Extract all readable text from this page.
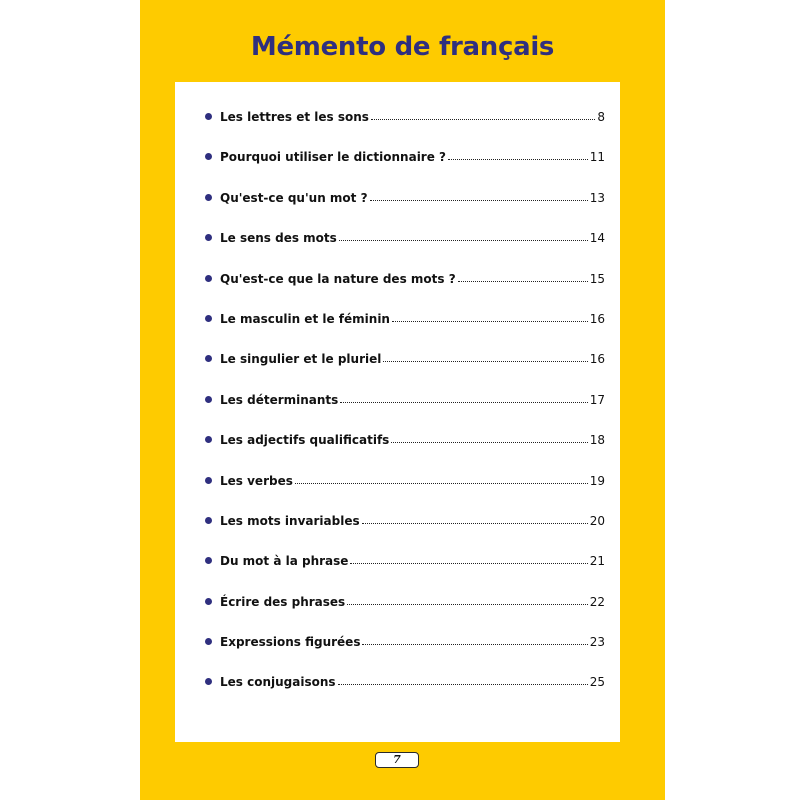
Mémento de français
Les lettres et les sons	8
Pourquoi utiliser le dictionnaire ?	11
Qu'est-ce qu'un mot ?	13
Le sens des mots	14
Qu'est-ce que la nature des mots ?	15
Le masculin et le féminin	16
Le singulier et le pluriel	16
Les déterminants	17
Les adjectifs qualificatifs	18
Les verbes	19
Les mots invariables	20
Du mot à la phrase	21
Écrire des phrases	22
Expressions figurées	23
Les conjugaisons	25
7
